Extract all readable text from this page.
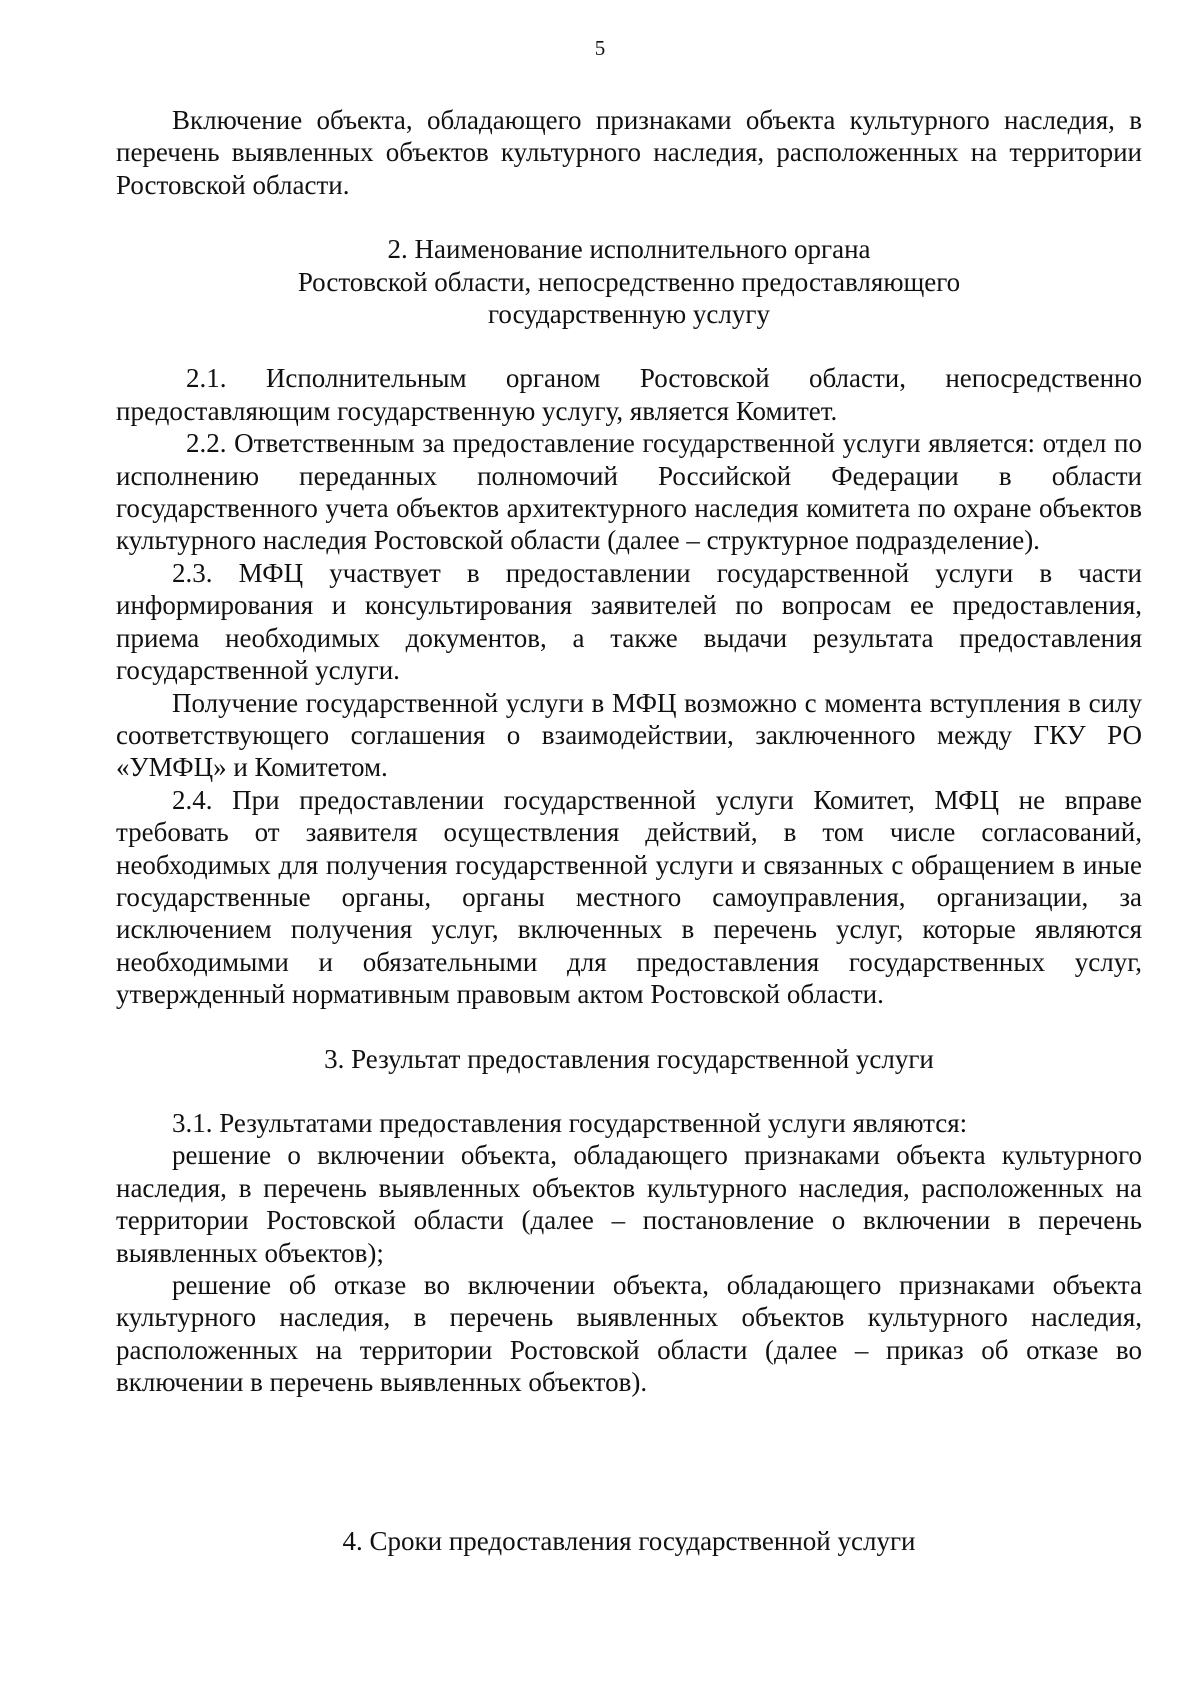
5

Включение объекта, обладающего признаками объекта культурного наследия, в перечень выявленных объектов культурного наследия, расположенных на территории Ростовской области.

2. Наименование исполнительного органа
Ростовской области, непосредственно предоставляющего
государственную услугу

2.1. Исполнительным органом Ростовской области, непосредственно предоставляющим государственную услугу, является Комитет.

2.2. Ответственным за предоставление государственной услуги является: отдел по исполнению переданных полномочий Российской Федерации в области государственного учета объектов архитектурного наследия комитета по охране объектов культурного наследия Ростовской области (далее – структурное подразделение).

2.3. МФЦ участвует в предоставлении государственной услуги в части информирования и консультирования заявителей по вопросам ее предоставления, приема необходимых документов, а также выдачи результата предоставления государственной услуги.

Получение государственной услуги в МФЦ возможно с момента вступления в силу соответствующего соглашения о взаимодействии, заключенного между ГКУ РО «УМФЦ» и Комитетом.

2.4. При предоставлении государственной услуги Комитет, МФЦ не вправе требовать от заявителя осуществления действий, в том числе согласований, необходимых для получения государственной услуги и связанных с обращением в иные государственные органы, органы местного самоуправления, организации, за исключением получения услуг, включенных в перечень услуг, которые являются необходимыми и обязательными для предоставления государственных услуг, утвержденный нормативным правовым актом Ростовской области.

3. Результат предоставления государственной услуги

3.1. Результатами предоставления государственной услуги являются:

решение о включении объекта, обладающего признаками объекта культурного наследия, в перечень выявленных объектов культурного наследия, расположенных на территории Ростовской области (далее – постановление о включении в перечень выявленных объектов);

решение об отказе во включении объекта, обладающего признаками объекта культурного наследия, в перечень выявленных объектов культурного наследия, расположенных на территории Ростовской области (далее – приказ об отказе во включении в перечень выявленных объектов).

4. Сроки предоставления государственной услуги
